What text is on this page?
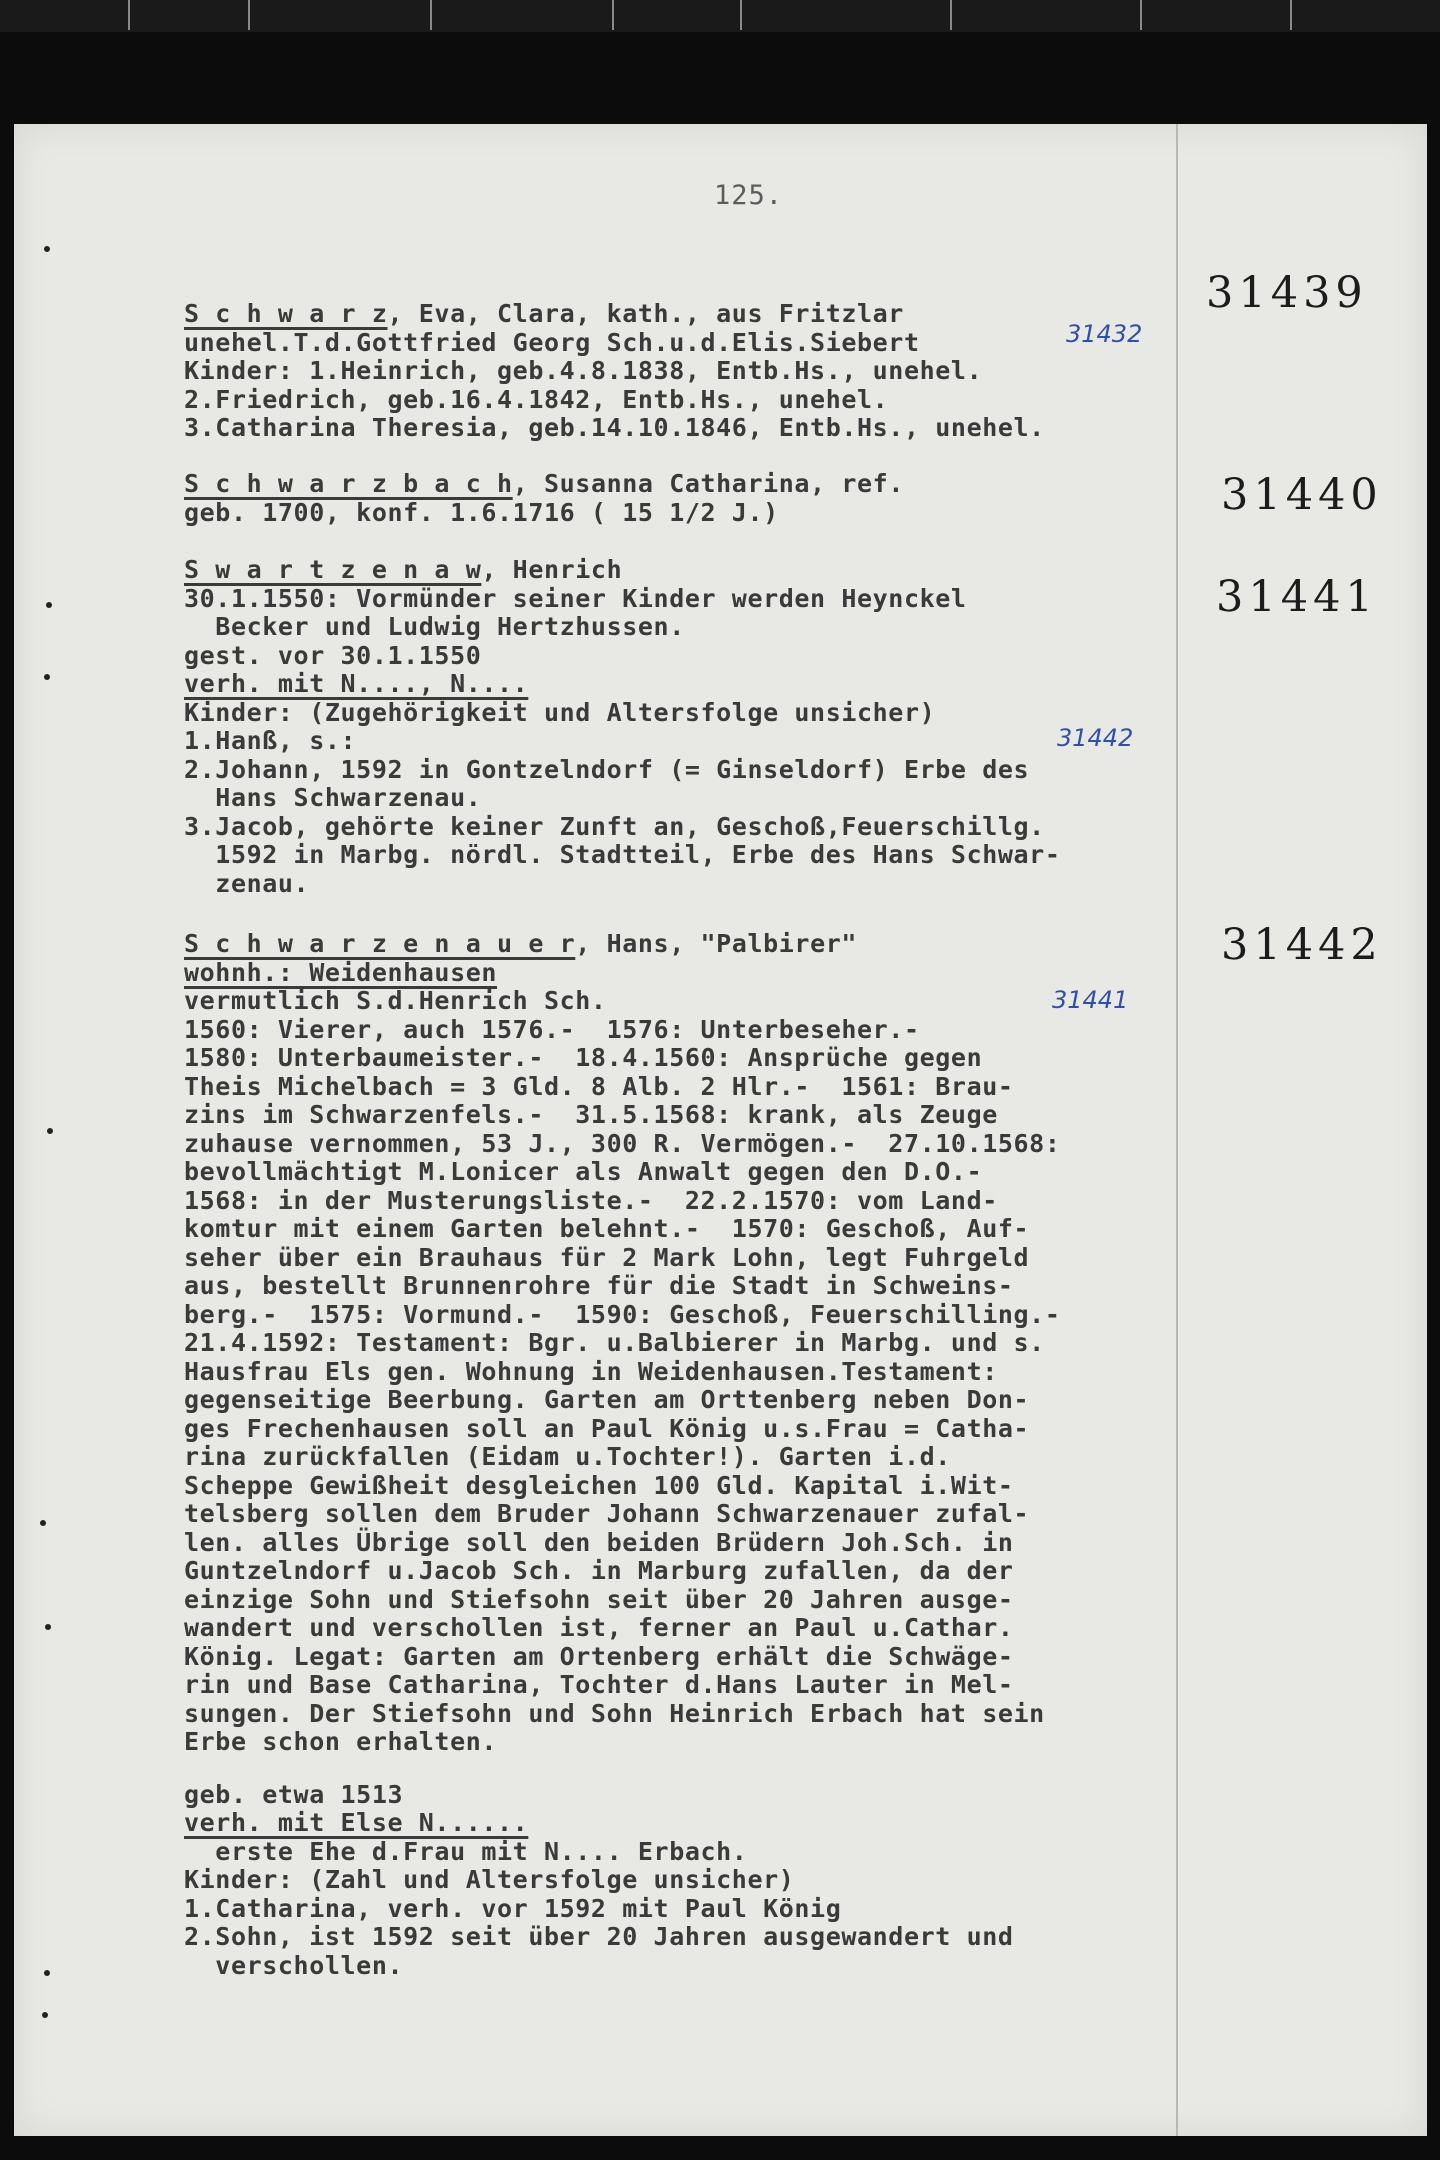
125.
31439
S c h w a r z, Eva, Clara, kath., aus Fritzlar
unehel.T.d.Gottfried Georg Sch.u.d.Elis.Siebert
Kinder: 1.Heinrich, geb.4.8.1838, Entb.Hs., unehel.
2.Friedrich, geb.16.4.1842, Entb.Hs., unehel.
3.Catharina Theresia, geb.14.10.1846, Entb.Hs., unehel.
31432
31440
S c h w a r z b a c h, Susanna Catharina, ref.
geb. 1700, konf. 1.6.1716 ( 15 1/2 J.)
31441
S w a r t z e n a w, Henrich
30.1.1550: Vormünder seiner Kinder werden Heynckel
Becker und Ludwig Hertzhussen.
gest. vor 30.1.1550
verh. mit N...., N....
Kinder: (Zugehörigkeit und Altersfolge unsicher)
1.Hanß, s.:
2.Johann, 1592 in Gontzelndorf (= Ginseldorf) Erbe des
Hans Schwarzenau.
3.Jacob, gehörte keiner Zunft an, Geschoß,Feuerschillg.
1592 in Marbg. nördl. Stadtteil, Erbe des Hans Schwar-
zenau.
31442
31442
S c h w a r z e n a u e r, Hans, "Palbirer"
wohnh.: Weidenhausen
vermutlich S.d.Henrich Sch.
1560: Vierer, auch 1576.-  1576: Unterbeseher.-
1580: Unterbaumeister.-  18.4.1560: Ansprüche gegen
Theis Michelbach = 3 Gld. 8 Alb. 2 Hlr.-  1561: Brau-
zins im Schwarzenfels.-  31.5.1568: krank, als Zeuge
zuhause vernommen, 53 J., 300 R. Vermögen.-  27.10.1568:
bevollmächtigt M.Lonicer als Anwalt gegen den D.O.-
1568: in der Musterungsliste.-  22.2.1570: vom Land-
komtur mit einem Garten belehnt.-  1570: Geschoß, Auf-
seher über ein Brauhaus für 2 Mark Lohn, legt Fuhrgeld
aus, bestellt Brunnenrohre für die Stadt in Schweins-
berg.-  1575: Vormund.-  1590: Geschoß, Feuerschilling.-
21.4.1592: Testament: Bgr. u.Balbierer in Marbg. und s.
Hausfrau Els gen. Wohnung in Weidenhausen.Testament:
gegenseitige Beerbung. Garten am Orttenberg neben Don-
ges Frechenhausen soll an Paul König u.s.Frau = Catha-
rina zurückfallen (Eidam u.Tochter!). Garten i.d.
Scheppe Gewißheit desgleichen 100 Gld. Kapital i.Wit-
telsberg sollen dem Bruder Johann Schwarzenauer zufal-
len. alles Übrige soll den beiden Brüdern Joh.Sch. in
Guntzelndorf u.Jacob Sch. in Marburg zufallen, da der
einzige Sohn und Stiefsohn seit über 20 Jahren ausge-
wandert und verschollen ist, ferner an Paul u.Cathar.
König. Legat: Garten am Ortenberg erhält die Schwäge-
rin und Base Catharina, Tochter d.Hans Lauter in Mel-
sungen. Der Stiefsohn und Sohn Heinrich Erbach hat sein
Erbe schon erhalten.
geb. etwa 1513
verh. mit Else N......
erste Ehe d.Frau mit N.... Erbach.
Kinder: (Zahl und Altersfolge unsicher)
1.Catharina, verh. vor 1592 mit Paul König
2.Sohn, ist 1592 seit über 20 Jahren ausgewandert und
verschollen.
31441
